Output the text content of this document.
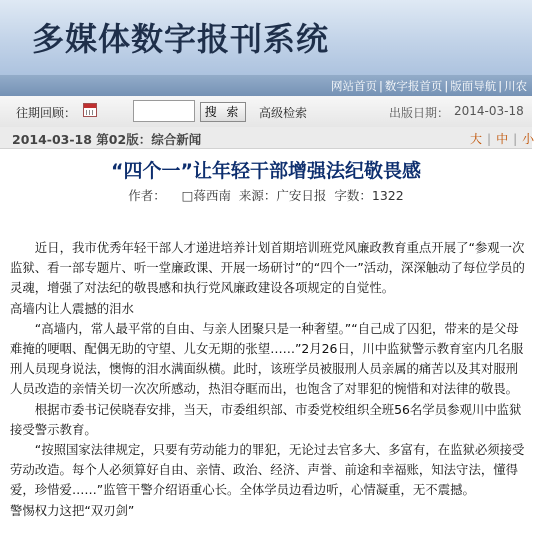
多媒体数字报刊系统
网站首页 | 数字报首页 | 版面导航 | 川农
往期回顾：	高级检索	出版日期： 2014-03-18
搜 索
2014-03-18 第02版：综合新闻	大 | 中 | 小
“四个一”让年轻干部增强法纪敬畏感
作者：    □蒋西南  来源：广安日报  字数：1322

近日，我市优秀年轻干部人才递进培养计划首期培训班党风廉政教育重点开展了“参观一次监狱、看一部专题片、听一堂廉政课、开展一场研讨”的“四个一”活动，深深触动了每位学员的灵魂，增强了对法纪的敬畏感和执行党风廉政建设各项规定的自觉性。

高墙内让人震撼的泪水

“高墙内，常人最平常的自由、与亲人团聚只是一种奢望。”“自己成了囚犯，带来的是父母难掩的哽咽、配偶无助的守望、儿女无期的张望……”2月26日，川中监狱警示教育室内几名服刑人员现身说法，懊悔的泪水满面纵横。此时，该班学员被服刑人员亲属的痛苦以及其对服刑人员改造的亲情关切一次次所感动，热泪夺眶而出，也饱含了对罪犯的惋惜和对法律的敬畏。

根据市委书记侯晓春安排，当天，市委组织部、市委党校组织全班56名学员参观川中监狱接受警示教育。

“按照国家法律规定，只要有劳动能力的罪犯，无论过去官多大、多富有，在监狱必须接受劳动改造。每个人必须算好自由、亲情、政治、经济、声誉、前途和幸福账，知法守法，懂得爱，珍惜爱……”监管干警介绍语重心长。全体学员边看边听，心情凝重，无不震撼。

警惕权力这把“双刃剑”
